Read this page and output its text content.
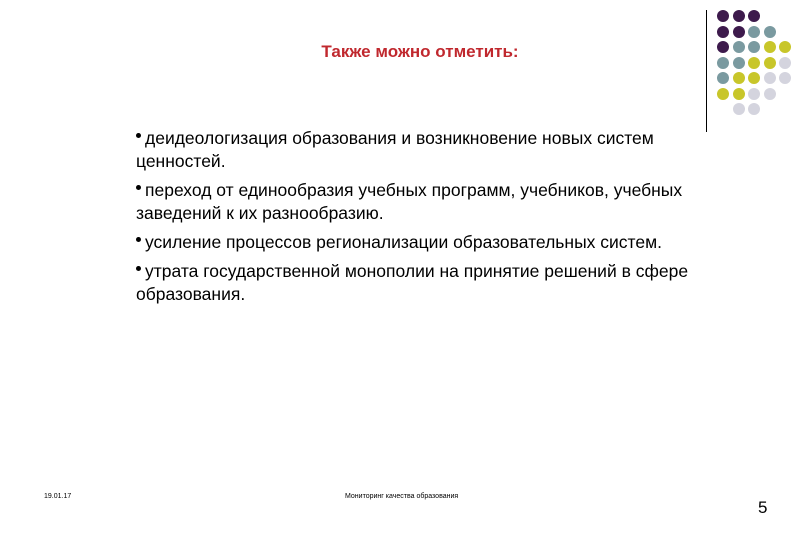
Также можно отметить:
деидеологизация образования и возникновение новых систем ценностей.
переход от единообразия учебных программ, учебников, учебных заведений к их разнообразию.
усиление процессов регионализации образовательных систем.
утрата государственной монополии на принятие решений в сфере образования.
19.01.17	Мониторинг качества образования
5
